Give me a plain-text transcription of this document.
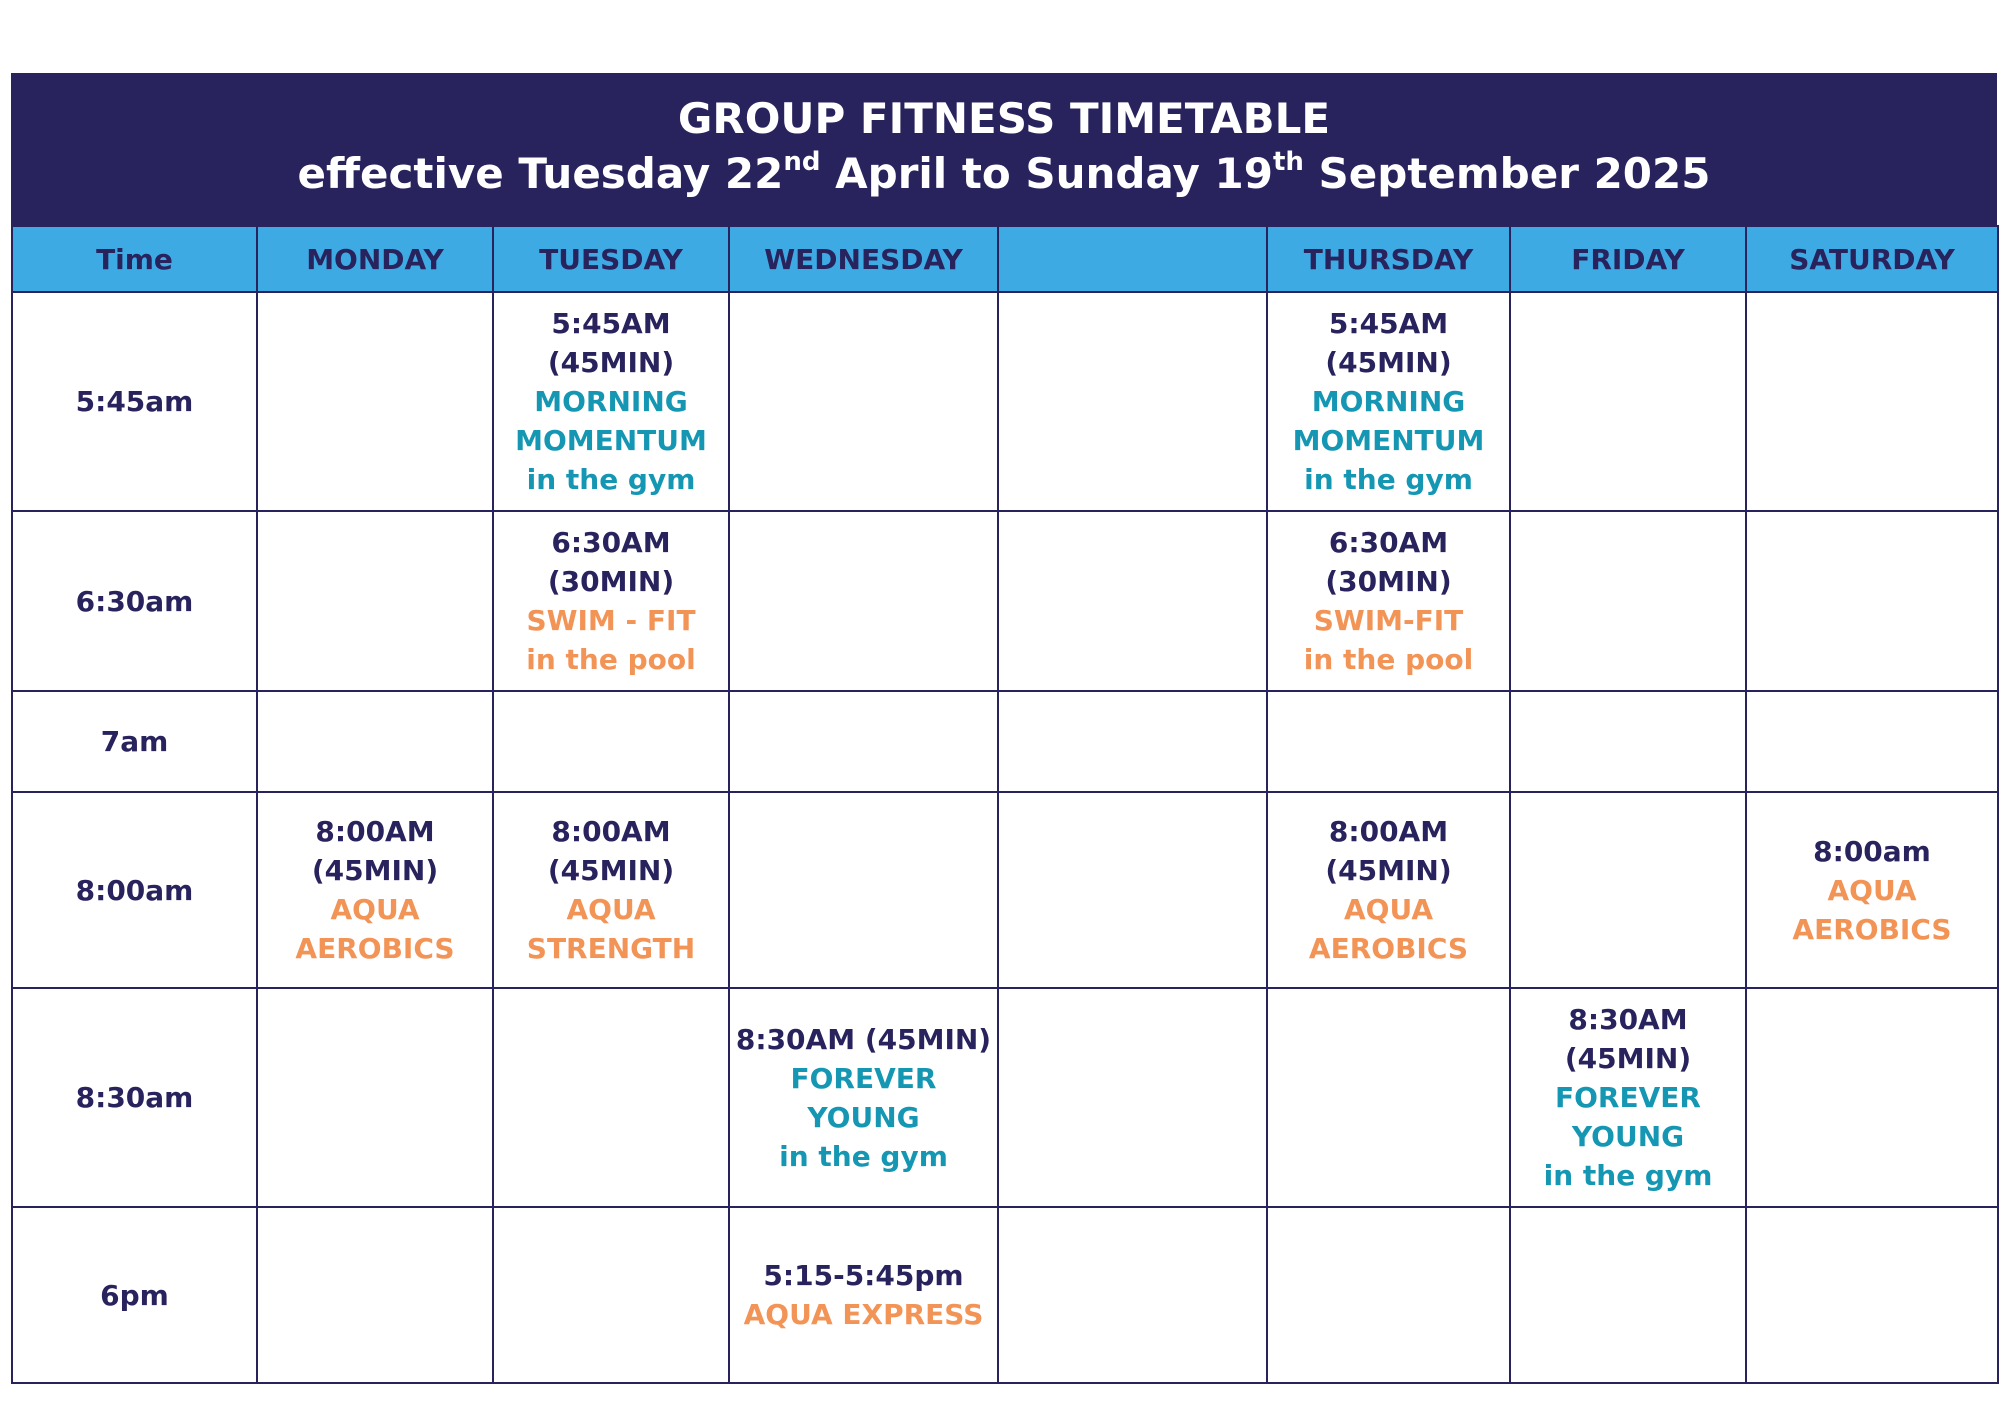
GROUP FITNESS TIMETABLE
effective Tuesday 22nd April to Sunday 19th September 2025
Time	MONDAY	TUESDAY	WEDNESDAY		THURSDAY	FRIDAY	SATURDAY
5:45am		5:45AM
(45MIN)
MORNING
MOMENTUM
in the gym			5:45AM
(45MIN)
MORNING
MOMENTUM
in the gym		

6:30am		6:30AM
(30MIN)
SWIM - FIT
in the pool			6:30AM
(30MIN)
SWIM-FIT
in the pool		

7am							
8:00am	8:00AM
(45MIN)
AQUA
AEROBICS	8:00AM
(45MIN)
AQUA
STRENGTH			8:00AM
(45MIN)
AQUA
AEROBICS		8:00am
AQUA
AEROBICS

8:30am			8:30AM (45MIN)
FOREVER
YOUNG
in the gym			8:30AM
(45MIN)
FOREVER
YOUNG
in the gym	

6pm			5:15-5:45pm
AQUA EXPRESS				
